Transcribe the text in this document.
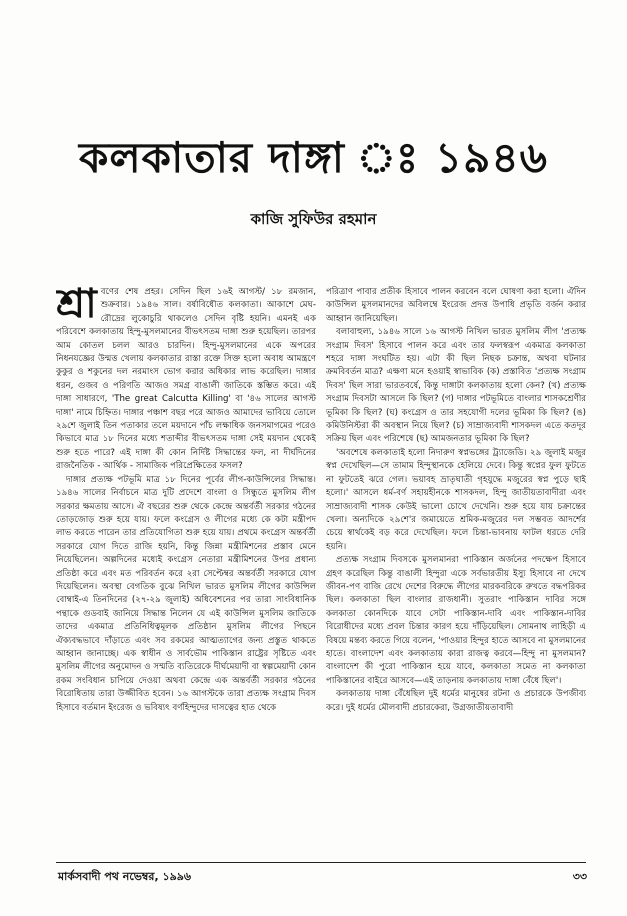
কলকাতার দাঙ্গা ঃ ১৯৪৬
কাজি সুফিউর রহমান

শ্রা বণের শেষ প্রহর। সেদিন ছিল ১৬ই আগস্ট/ ১৮ রমজান, শুক্রবার। ১৯৪৬ সাল। বর্ষাবিধৌত কলকাতা। আকাশে মেঘ-রৌদ্রের লুকোচুরি থাকলেও সেদিন বৃষ্টি হয়নি। এমনই এক পরিবেশে কলকাতায় হিন্দু-মুসলমানের বীভৎসতম দাঙ্গা শুরু হয়েছিল। তারপর আম কোতল চলল আরও চারদিন। হিন্দু-মুসলমানের একে অপরের নিধনযজ্ঞের উন্মত্ত খেলায় কলকাতার রাস্তা রক্তে সিক্ত হলো অবাধ আমন্ত্রণে কুকুর ও শকুনের দল নরমাংস ভোগ করার অধিকার লাভ করেছিল। দাঙ্গার ধরন, গুজব ও পরিণতি আজও সমগ্র বাঙালী জাতিকে স্তম্ভিত করে। এই দাঙ্গা সাধারণে, 'The great Calcutta Killing' বা '৪৬ সালের আগস্ট দাঙ্গা' নামে চিহ্নিত। দাঙ্গার পঞ্চাশ বছর পরে আজও আমাদের ভাবিয়ে তোলে ২৯শে জুলাই তিন পতাকার তলে ময়দানে পাঁচ লক্ষাধিক জনসমাগমের পরেও কিভাবে মাত্র ১৮ দিনের মধ্যে শতাব্দীর বীভৎসতম দাঙ্গা সেই ময়দান থেকেই শুরু হতে পারে? এই দাঙ্গা কী কোন নির্দিষ্ট সিদ্ধান্তের ফল, না দীর্ঘদিনের রাজনৈতিক - আর্থিক - সামাজিক পরিপ্রেক্ষিতের ফসল?

দাঙ্গার প্রত্যক্ষ পটভূমি মাত্র ১৮ দিনের পূর্বের লীগ-কাউন্সিলের সিদ্ধান্ত। ১৯৪৬ সালের নির্বাচনে মাত্র দুটি প্রদেশে বাংলা ও সিন্ধুতে মুসলিম লীগ সরকার ক্ষমতায় আসে। ঐ বছরের শুরু থেকে কেন্দ্রে অন্তর্বর্তী সরকার গঠনের তোড়জোড় শুরু হয়ে যায়। ফলে কংগ্রেস ও লীগের মধ্যে কে কটা মন্ত্রীপদ লাভ করতে পারেন তার প্রতিযোগিতা শুরু হয়ে যায়। প্রথমে কংগ্রেস অন্তর্বর্তী সরকারে যোগ দিতে রাজি হয়নি, কিন্তু জিন্না মন্ত্রীমিশনের প্রস্তাব মেনে নিয়েছিলেন। অল্পদিনের মধ্যেই কংগ্রেস নেতারা মন্ত্রীমিশনের উপর প্রধান্য প্রতিষ্ঠা করে এবং মত পরিবর্তন করে ২রা সেপ্টেম্বর অন্তর্বর্তী সরকারে যোগ দিয়েছিলেন। অবস্থা বেগতিক বুঝে নিখিল ভারত মুসলিম লীগের কাউন্সিল বোম্বাই-এ তিনদিনের (২৭-২৯ জুলাই) অধিবেশনের পর তারা সাংবিধানিক পন্থাকে গুডবাই জানিয়ে সিদ্ধান্ত নিলেন যে এই কাউন্সিল মুসলিম জাতিকে তাদের একমাত্র প্রতিনিধিত্বমূলক প্রতিষ্ঠান মুসলিম লীগের পিছনে ঐক্যবদ্ধভাবে দাঁড়াতে এবং সব রকমের আত্মত্যাগের জন্য প্রস্তুত থাকতে আহ্বান জানাচ্ছে। এক স্বাধীন ও সার্বভৌম পাকিস্তান রাষ্ট্রের সৃষ্টিতে এবং মুসলিম লীগের অনুমোদন ও সম্মতি ব্যতিরেকে দীর্ঘমেয়াদী বা স্বল্পমেয়াদী কোন রকম সংবিধান চাপিয়ে দেওয়া অথবা কেন্দ্রে এক অন্তর্বর্তী সরকার গঠনের বিরোধিতায় তারা উজ্জীবিত হবেন। ১৬ আগস্টকে তারা প্রত্যক্ষ সংগ্রাম দিবস হিসাবে বর্তমান ইংরেজ ও ভবিষ্যৎ বর্ণহিন্দুদের দাসত্বের হাত থেকে

পরিত্রাণ পাবার প্রতীক হিসাবে পালন করবেন বলে ঘোষণা করা হলো। ঐদিন কাউন্সিল মুসলমানদের অবিলম্বে ইংরেজ প্রদত্ত উপাধি প্রভৃতি বর্জন করার আহ্বান জানিয়েছিল।

বলাবাহুল্য, ১৯৪৬ সালে ১৬ আগস্ট নিখিল ভারত মুসলিম লীগ 'প্রত্যক্ষ সংগ্রাম দিবস' হিসাবে পালন করে এবং তার ফলস্বরূপ একমাত্র কলকাতা শহরে দাঙ্গা সংঘটিত হয়। এটা কী ছিল নিছক চক্রান্ত, অথবা ঘটনার ক্রমবিবর্তন মাত্র? এক্ষণা মনে হওয়াই স্বাভাবিক (ক) প্রস্তাবিত 'প্রত্যক্ষ সংগ্রাম দিবস' ছিল সারা ভারতবর্ষে, কিন্তু দাঙ্গাটা কলকাতায় হলো কেন? (খ) প্রত্যক্ষ সংগ্রাম দিবসটা আসলে কি ছিল? (গ) দাঙ্গার পটভূমিতে বাংলার শাসকশ্রেণীর ভূমিকা কি ছিল? (ঘ) কংগ্রেস ও তার সহযোগী দলের ভূমিকা কি ছিল? (ঙ) কমিউনিস্টরা কী অবস্থান নিয়ে ছিল? (চ) সাম্রাজ্যবাদী শাসকদল এতে কতদূর সক্রিয় ছিল এবং পরিশেষে (ছ) আমজনতার ভূমিকা কি ছিল?

'অবশেষে কলকাতাই হলো নিদারুণ স্বপ্নভঙ্গের ট্র্যাজেডি। ২৯ জুলাই মজুর স্বপ্ন দেখেছিল—সে তামাম হিন্দুস্থানকে হেলিয়ে দেবে। কিন্তু স্বপ্নের ফুল ফুটতে না ফুটতেই ঝরে গেল। ভয়াবহ ভ্রাতৃঘাতী গৃহযুদ্ধে মজুরের স্বপ্ন পুড়ে ছাই হলো।' আসলে ধর্ম-বর্ণ সহায়হীনকে শাসকদল, হিন্দু জাতীয়তাবাদীরা এবং সাম্রাজ্যবাদী শাসক কেউই ভালো চোখে দেখেনি। শুরু হয়ে যায় চক্রান্তের খেলা। অন্যদিকে ২৯শে'র জমায়েতে শ্রমিক-মজুরের দল সম্ভবত আদর্শের চেয়ে স্বার্থকেই বড় করে দেখেছিল। ফলে চিন্তা-ভাবনায় ফাটল ধরতে দেরি হয়নি।

প্রত্যক্ষ সংগ্রাম দিবসকে মুসলমানরা পাকিস্তান অর্জনের পদক্ষেপ হিসাবে গ্রহণ করেছিল কিন্তু বাঙালী হিন্দুরা একে সর্বভারতীয় ইস্যু হিসাবে না দেখে জীবন-পণ বাজি রেখে দেশের বিরুদ্ধে লীগের মারকবরিকে রুখতে বদ্ধপরিকর ছিল। কলকাতা ছিল বাংলার রাজধানী। সুতরাং পাকিস্তান দাবির সঙ্গে কলকাতা কোনদিকে যাবে সেটা পাকিস্তান-দাবি এবং পাকিস্তান-দাবির বিরোধীদের মধ্যে প্রবল চিন্তার কারণ হয়ে দাঁড়িয়েছিল। সোমনাথ লাহিড়ী এ বিষয়ে মন্তব্য করতে গিয়ে বলেন, 'পাওয়ার হিন্দুর হাতে আসবে না মুসলমানের হাতে। বাংলাদেশ এবং কলকাতায় কারা রাজত্ব করবে—হিন্দু না মুসলমান? বাংলাদেশ কী পুরো পাকিস্তান হয়ে যাবে, কলকাতা সমেত না কলকাতা পাকিস্তানের বাইরে আসবে—এই তাড়নায় কলকাতায় দাঙ্গা বেঁধে ছিল'।

কলকাতায় দাঙ্গা বেঁধেছিল দুই ধর্মের মানুষের রটনা ও প্রচারকে উপজীব্য করে। দুই ধর্মের মৌলবাদী প্রচারকেরা, উগ্রজাতীয়তাবাদী

মার্কসবাদী পথ নভেম্বর, ১৯৯৬	৩৩
